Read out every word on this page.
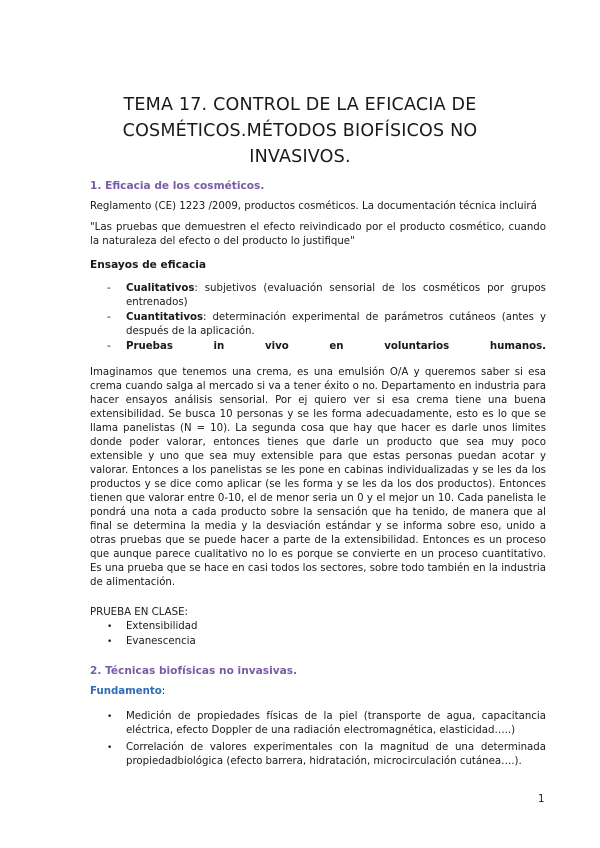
TEMA 17. CONTROL DE LA EFICACIA DE
COSMÉTICOS.MÉTODOS BIOFÍSICOS NO
INVASIVOS.
1. Eficacia de los cosméticos.
Reglamento (CE) 1223 /2009, productos cosméticos. La documentación técnica incluirá
"Las pruebas que demuestren el efecto reivindicado por el producto cosmético, cuando la naturaleza del efecto o del producto lo justifique"
Ensayos de eficacia
- Cualitativos: subjetivos (evaluación sensorial de los cosméticos por grupos entrenados)
- Cuantitativos: determinación experimental de parámetros cutáneos (antes y después de la aplicación.
- Pruebas in vivo en voluntarios humanos.
Imaginamos que tenemos una crema, es una emulsión O/A y queremos saber si esa crema cuando salga al mercado si va a tener éxito o no. Departamento en industria para hacer ensayos análisis sensorial. Por ej quiero ver si esa crema tiene una buena extensibilidad. Se busca 10 personas y se les forma adecuadamente, esto es lo que se llama panelistas (N = 10). La segunda cosa que hay que hacer es darle unos limites donde poder valorar, entonces tienes que darle un producto que sea muy poco extensible y uno que sea muy extensible para que estas personas puedan acotar y valorar. Entonces a los panelistas se les pone en cabinas individualizadas y se les da los productos y se dice como aplicar (se les forma y se les da los dos productos). Entonces tienen que valorar entre 0-10, el de menor seria un 0 y el mejor un 10. Cada panelista le pondrá una nota a cada producto sobre la sensación que ha tenido, de manera que al final se determina la media y la desviación estándar y se informa sobre eso, unido a otras pruebas que se puede hacer a parte de la extensibilidad. Entonces es un proceso que aunque parece cualitativo no lo es porque se convierte en un proceso cuantitativo. Es una prueba que se hace en casi todos los sectores, sobre todo también en la industria de alimentación.
PRUEBA EN CLASE:
• Extensibilidad
• Evanescencia
2. Técnicas biofísicas no invasivas.
Fundamento:
• Medición de propiedades físicas de la piel (transporte de agua, capacitancia eléctrica, efecto Doppler de una radiación electromagnética, elasticidad…..)
• Correlación de valores experimentales con la magnitud de una determinada propiedadbiológica (efecto barrera, hidratación, microcirculación cutánea….).
1
